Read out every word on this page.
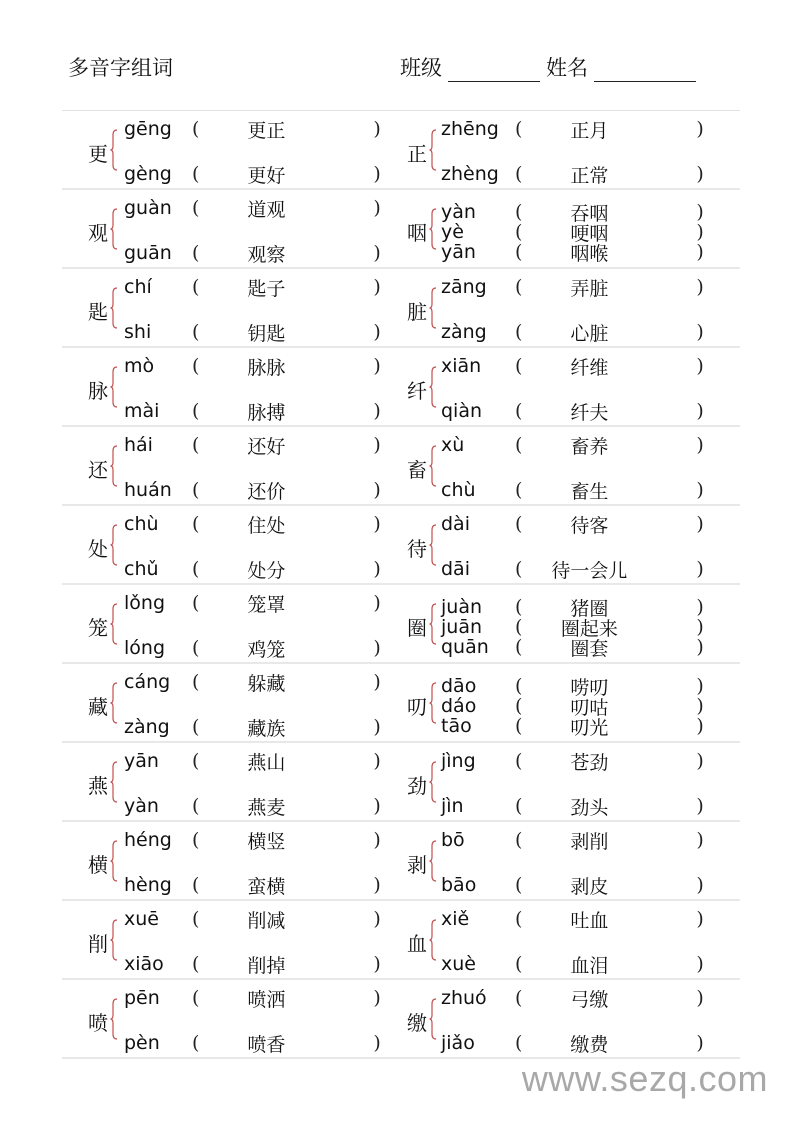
多音字组词	班级	姓名
更
gēng	(	更正	)
gèng	(	更好	)
正
zhēng (	正月	)
zhèng (	正常	)
观
guàn	(	道观	)
guān	(	观察	)
咽
yàn	(	吞咽	)
yè	(	哽咽	)
yān	(	咽喉	)
匙
chí	(	匙子	)
shi	(	钥匙	)
脏
zāng	(	弄脏	)
zàng	(	心脏	)
脉
mò	(	脉脉	)
mài	(	脉搏	)
纤
xiān	(	纤维	)
qiàn	(	纤夫	)
还
hái	(	还好	)
huán	(	还价	)
畜
xù	(	畜养	)
chù	(	畜生	)
处
chù	(	住处	)
chǔ	(	处分	)
待
dài	(	待客	)
dāi	(	待一会儿	)
笼
lǒng	(	笼罩	)
lóng	(	鸡笼	)
圈
juàn	(	猪圈	)
juān	(	圈起来	)
quān	(	圈套	)
藏
cáng	(	躲藏	)
zàng	(	藏族	)
叨
dāo	(	唠叨	)
dáo	(	叨咕	)
tāo	(	叨光	)
燕
yān	(	燕山	)
yàn	(	燕麦	)
劲
jìng	(	苍劲	)
jìn	(	劲头	)
横
héng	(	横竖	)
hèng	(	蛮横	)
剥
bō	(	剥削	)
bāo	(	剥皮	)
削
xuē	(	削减	)
xiāo	(	削掉	)
血
xiě	(	吐血	)
xuè	(	血泪	)
喷
pēn	(	喷洒	)
pèn	(	喷香	)
缴
zhuó	(	弓缴	)
jiǎo	(	缴费	)
www.sezq.com
